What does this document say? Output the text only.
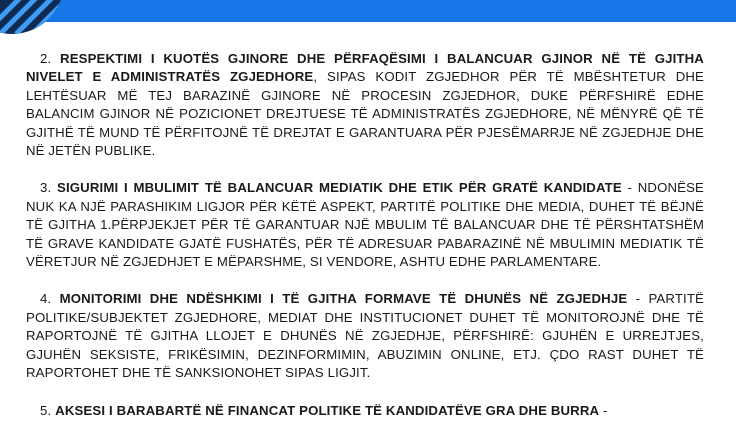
2. RESPEKTIMI I KUOTËS GJINORE DHE PËRFAQËSIMI I BALANCUAR GJINOR NË TË GJITHA NIVELET E ADMINISTRATËS ZGJEDHORE, SIPAS KODIT ZGJEDHOR PËR TË MBËSHTETUR DHE LEHTËSUAR MË TEJ BARAZINË GJINORE NË PROCESIN ZGJEDHOR, DUKE PËRFSHIRË EDHE BALANCIM GJINOR NË POZICIONET DREJTUESE TË ADMINISTRATËS ZGJEDHORE, NË MËNYRË QË TË GJITHË TË MUND TË PËRFITOJNË TË DREJTAT E GARANTUARA PËR PJESËMARRJE NË ZGJEDHJE DHE NË JETËN PUBLIKE.

3. SIGURIMI I MBULIMIT TË BALANCUAR MEDIATIK DHE ETIK PËR GRATË KANDIDATE - NDONËSE NUK KA NJË PARASHIKIM LIGJOR PËR KËTË ASPEKT, PARTITË POLITIKE DHE MEDIA, DUHET TË BËJNË TË GJITHA 1.PËRPJEKJET PËR TË GARANTUAR NJË MBULIM TË BALANCUAR DHE TË PËRSHTATSHËM TË GRAVE KANDIDATE GJATË FUSHATËS, PËR TË ADRESUAR PABARAZINË NË MBULIMIN MEDIATIK TË VËRETJUR NË ZGJEDHJET E MËPARSHME, SI VENDORE, ASHTU EDHE PARLAMENTARE.

4. MONITORIMI DHE NDËSHKIMI I TË GJITHA FORMAVE TË DHUNËS NË ZGJEDHJE - PARTITË POLITIKE/SUBJEKTET ZGJEDHORE, MEDIAT DHE INSTITUCIONET DUHET TË MONITOROJNË DHE TË RAPORTOJNË TË GJITHA LLOJET E DHUNËS NË ZGJEDHJE, PËRFSHIRË: GJUHËN E URREJTJES, GJUHËN SEKSISTE, FRIKËSIMIN, DEZINFORMIMIN, ABUZIMIN ONLINE, ETJ. ÇDO RAST DUHET TË RAPORTOHET DHE TË SANKSIONOHET SIPAS LIGJIT.

5. AKSESI I BARABARTË NË FINANCAT POLITIKE TË KANDIDATËVE GRA DHE BURRA -
